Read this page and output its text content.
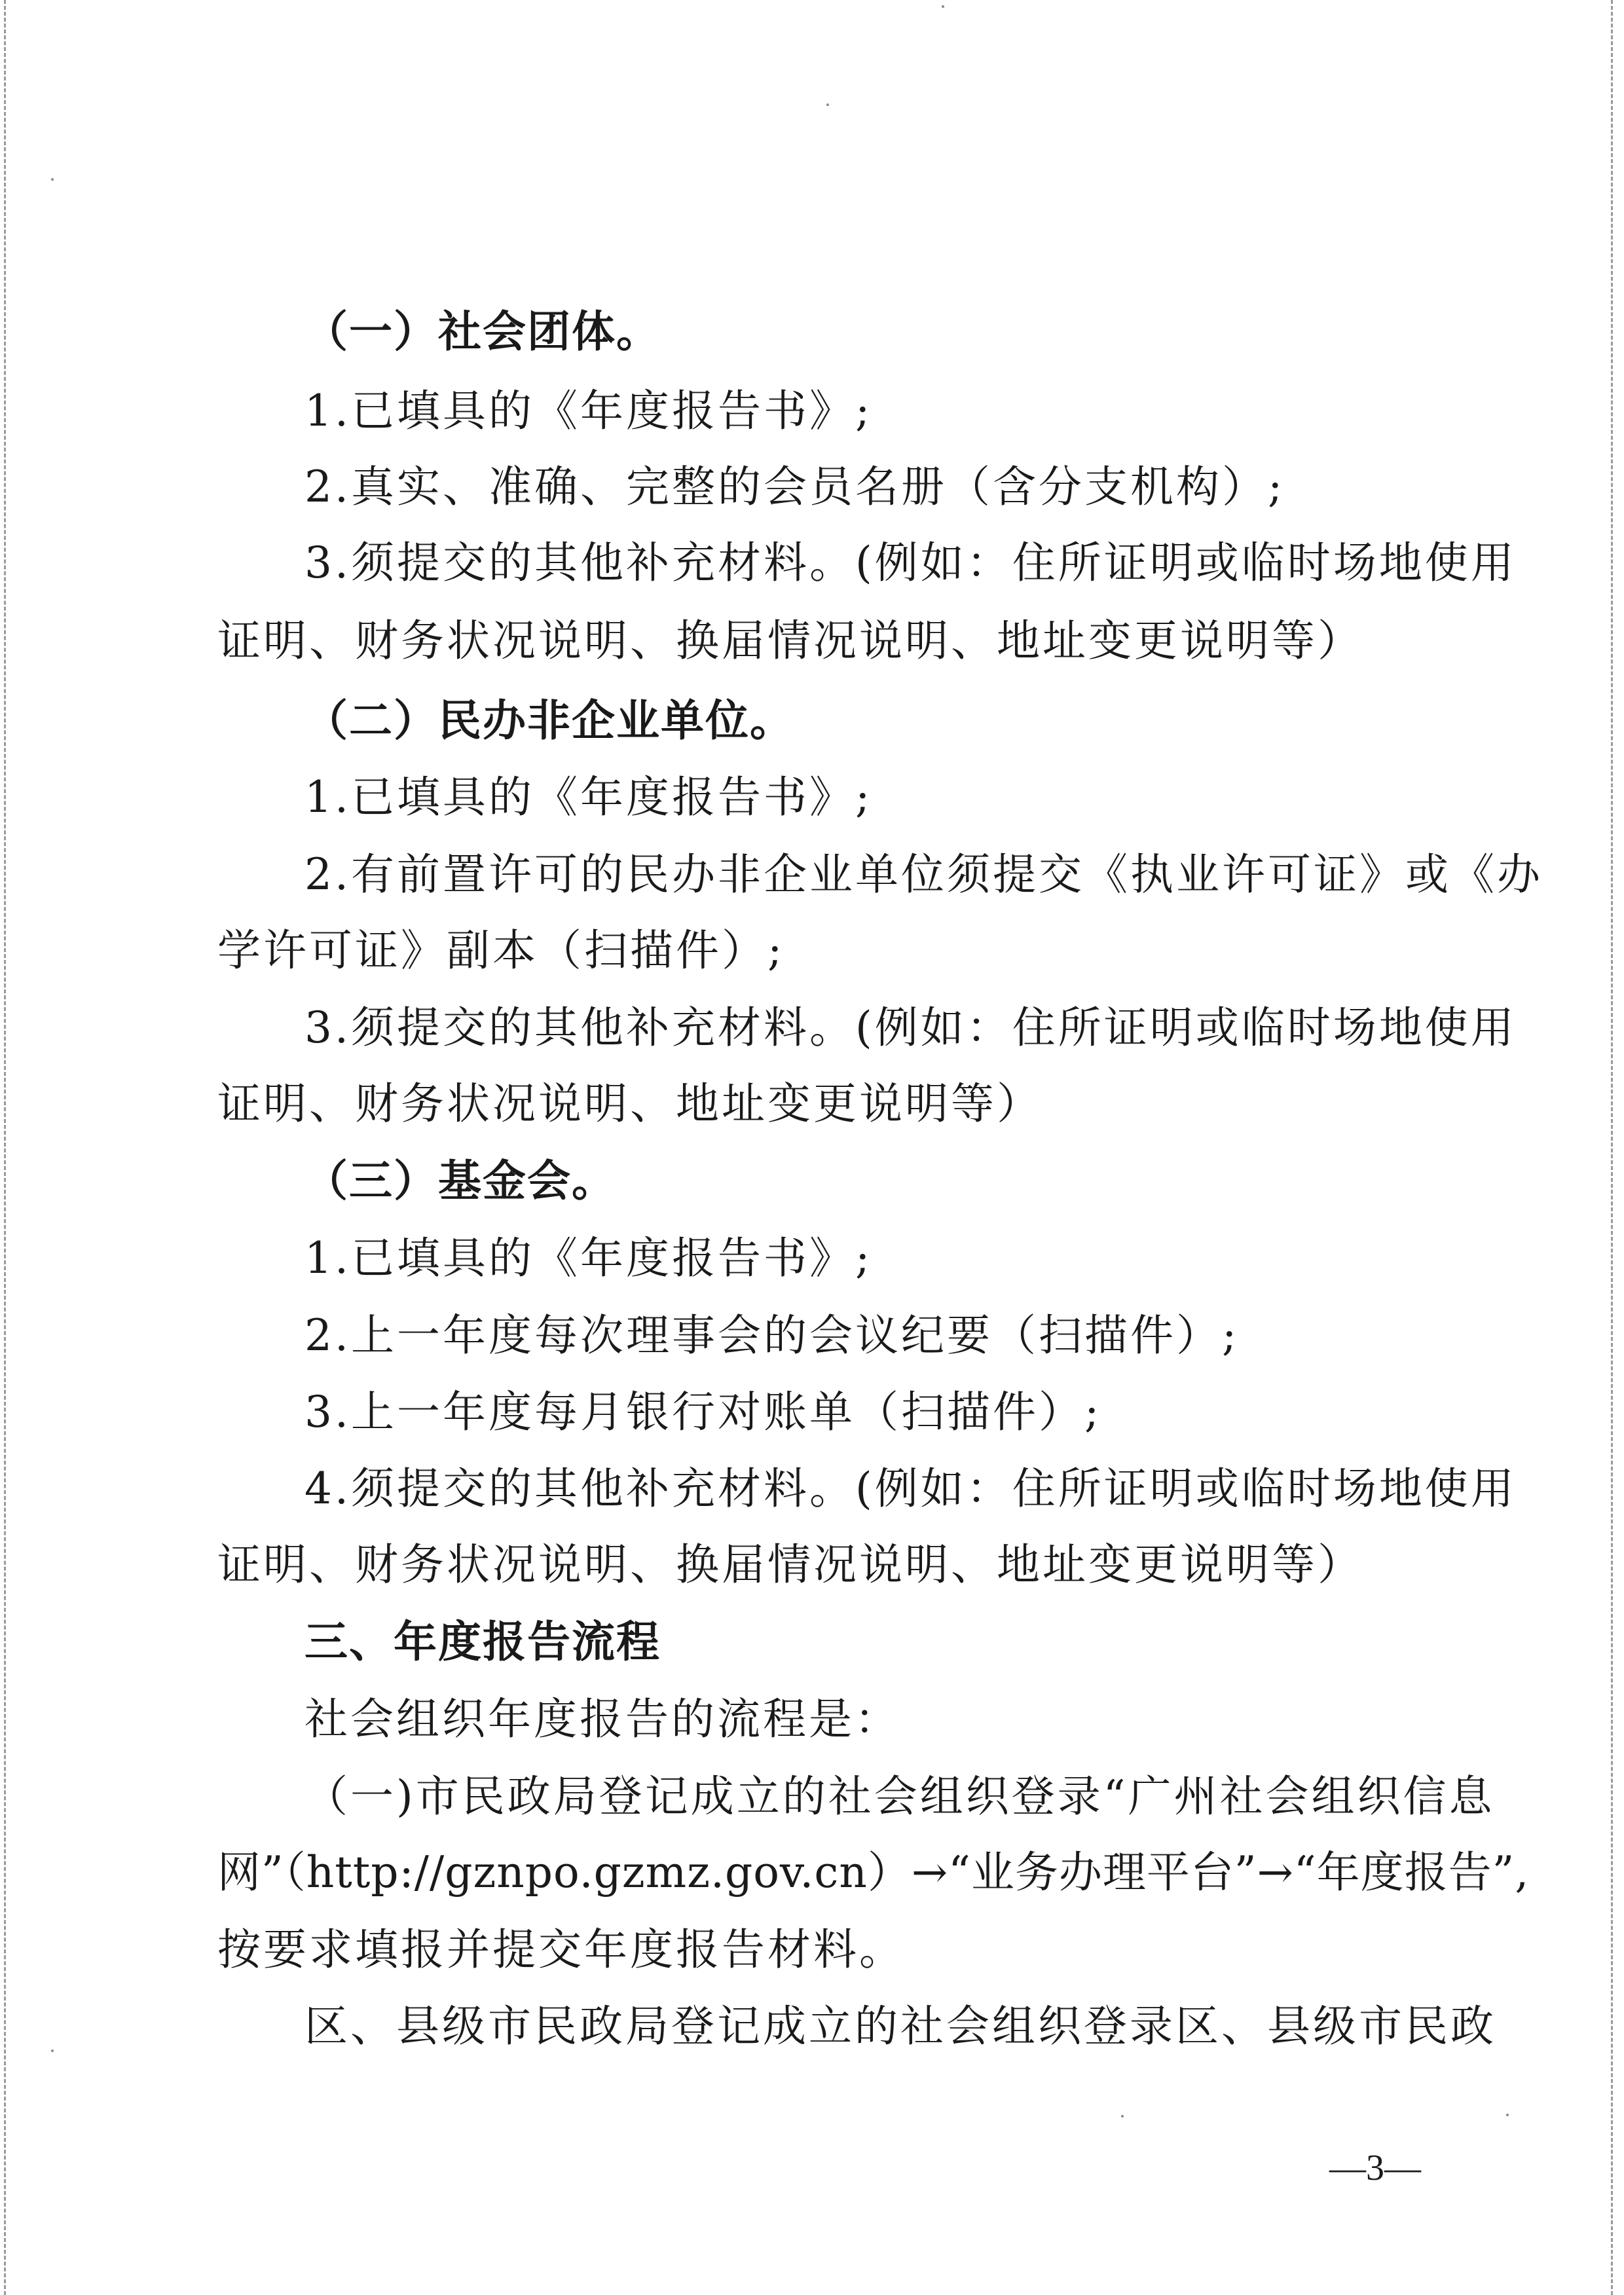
（一）社会团体。
1.已填具的《年度报告书》;
2.真实、准确、完整的会员名册（含分支机构）;
3.须提交的其他补充材料。(例如：住所证明或临时场地使用
证明、财务状况说明、换届情况说明、地址变更说明等）
（二）民办非企业单位。
1.已填具的《年度报告书》;
2.有前置许可的民办非企业单位须提交《执业许可证》或《办
学许可证》副本（扫描件）;
3.须提交的其他补充材料。(例如：住所证明或临时场地使用
证明、财务状况说明、地址变更说明等）
（三）基金会。
1.已填具的《年度报告书》;
2.上一年度每次理事会的会议纪要（扫描件）;
3.上一年度每月银行对账单（扫描件）;
4.须提交的其他补充材料。(例如：住所证明或临时场地使用
证明、财务状况说明、换届情况说明、地址变更说明等）
三、年度报告流程
社会组织年度报告的流程是：
（一)市民政局登记成立的社会组织登录“广州社会组织信息
网”（http://gznpo.gzmz.gov.cn）→“业务办理平台”→“年度报告”,
按要求填报并提交年度报告材料。
区、县级市民政局登记成立的社会组织登录区、县级市民政
—3—
